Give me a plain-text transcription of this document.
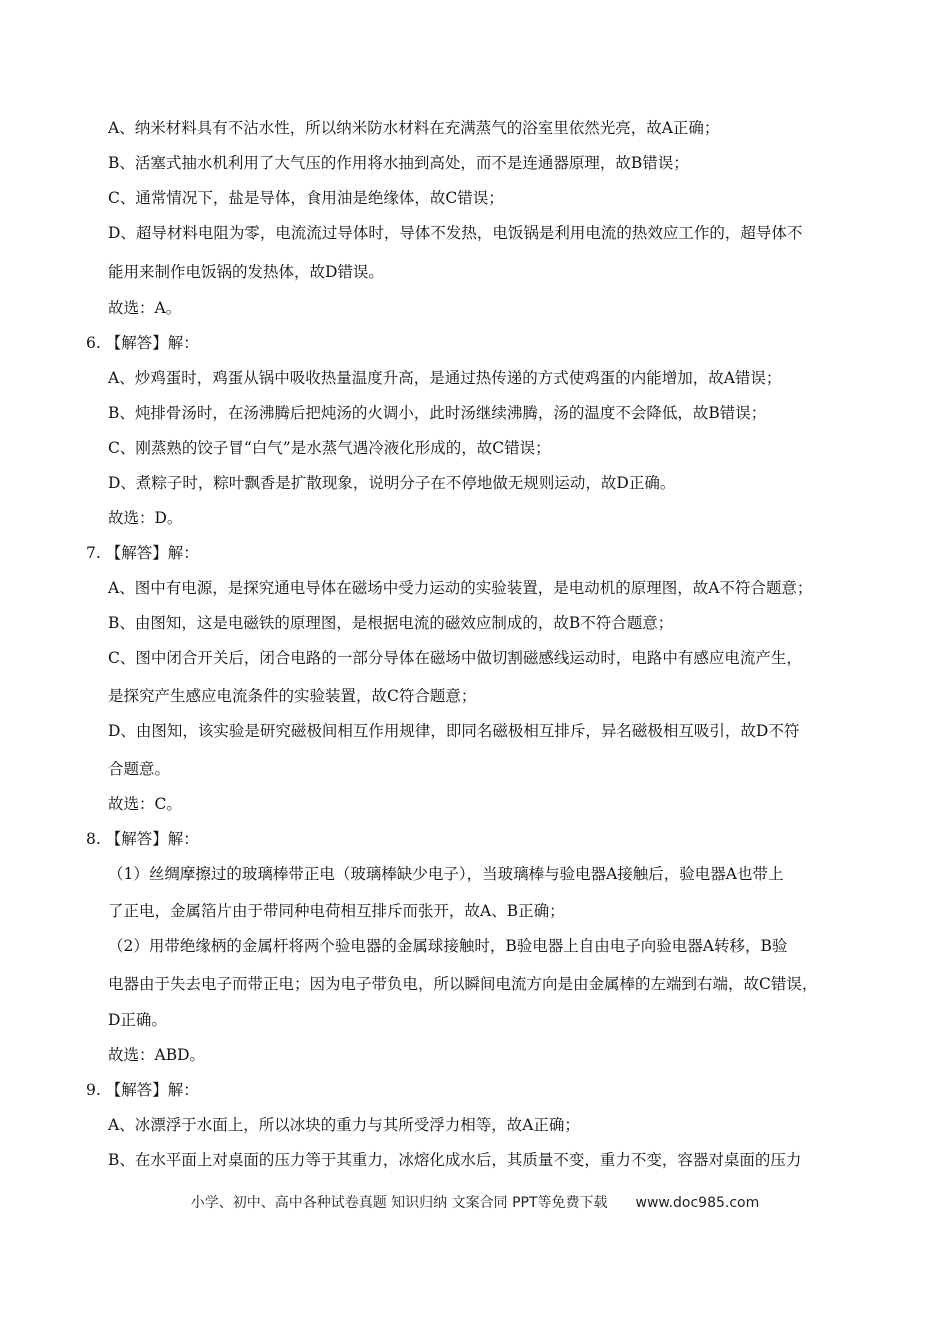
A、纳米材料具有不沾水性，所以纳米防水材料在充满蒸气的浴室里依然光亮，故A正确；
B、活塞式抽水机利用了大气压的作用将水抽到高处，而不是连通器原理，故B错误；
C、通常情况下，盐是导体，食用油是绝缘体，故C错误；
D、超导材料电阻为零，电流流过导体时，导体不发热，电饭锅是利用电流的热效应工作的，超导体不
能用来制作电饭锅的发热体，故D错误。
故选：A。
6. 【解答】解：
A、炒鸡蛋时，鸡蛋从锅中吸收热量温度升高，是通过热传递的方式使鸡蛋的内能增加，故A错误；
B、炖排骨汤时，在汤沸腾后把炖汤的火调小，此时汤继续沸腾，汤的温度不会降低，故B错误；
C、刚蒸熟的饺子冒“白气”是水蒸气遇冷液化形成的，故C错误；
D、煮粽子时，粽叶飘香是扩散现象，说明分子在不停地做无规则运动，故D正确。
故选：D。
7. 【解答】解：
A、图中有电源，是探究通电导体在磁场中受力运动的实验装置，是电动机的原理图，故A不符合题意；
B、由图知，这是电磁铁的原理图，是根据电流的磁效应制成的，故B不符合题意；
C、图中闭合开关后，闭合电路的一部分导体在磁场中做切割磁感线运动时，电路中有感应电流产生，
是探究产生感应电流条件的实验装置，故C符合题意；
D、由图知，该实验是研究磁极间相互作用规律，即同名磁极相互排斥，异名磁极相互吸引，故D不符
合题意。
故选：C。
8. 【解答】解：
（1）丝绸摩擦过的玻璃棒带正电（玻璃棒缺少电子），当玻璃棒与验电器A接触后，验电器A也带上
了正电，金属箔片由于带同种电荷相互排斥而张开，故A、B正确；
（2）用带绝缘柄的金属杆将两个验电器的金属球接触时，B验电器上自由电子向验电器A转移，B验
电器由于失去电子而带正电；因为电子带负电，所以瞬间电流方向是由金属棒的左端到右端，故C错误，
D正确。
故选：ABD。
9. 【解答】解：
A、冰漂浮于水面上，所以冰块的重力与其所受浮力相等，故A正确；
B、在水平面上对桌面的压力等于其重力，冰熔化成水后，其质量不变，重力不变，容器对桌面的压力
小学、初中、高中各种试卷真题 知识归纳 文案合同 PPT等免费下载 www.doc985.com
